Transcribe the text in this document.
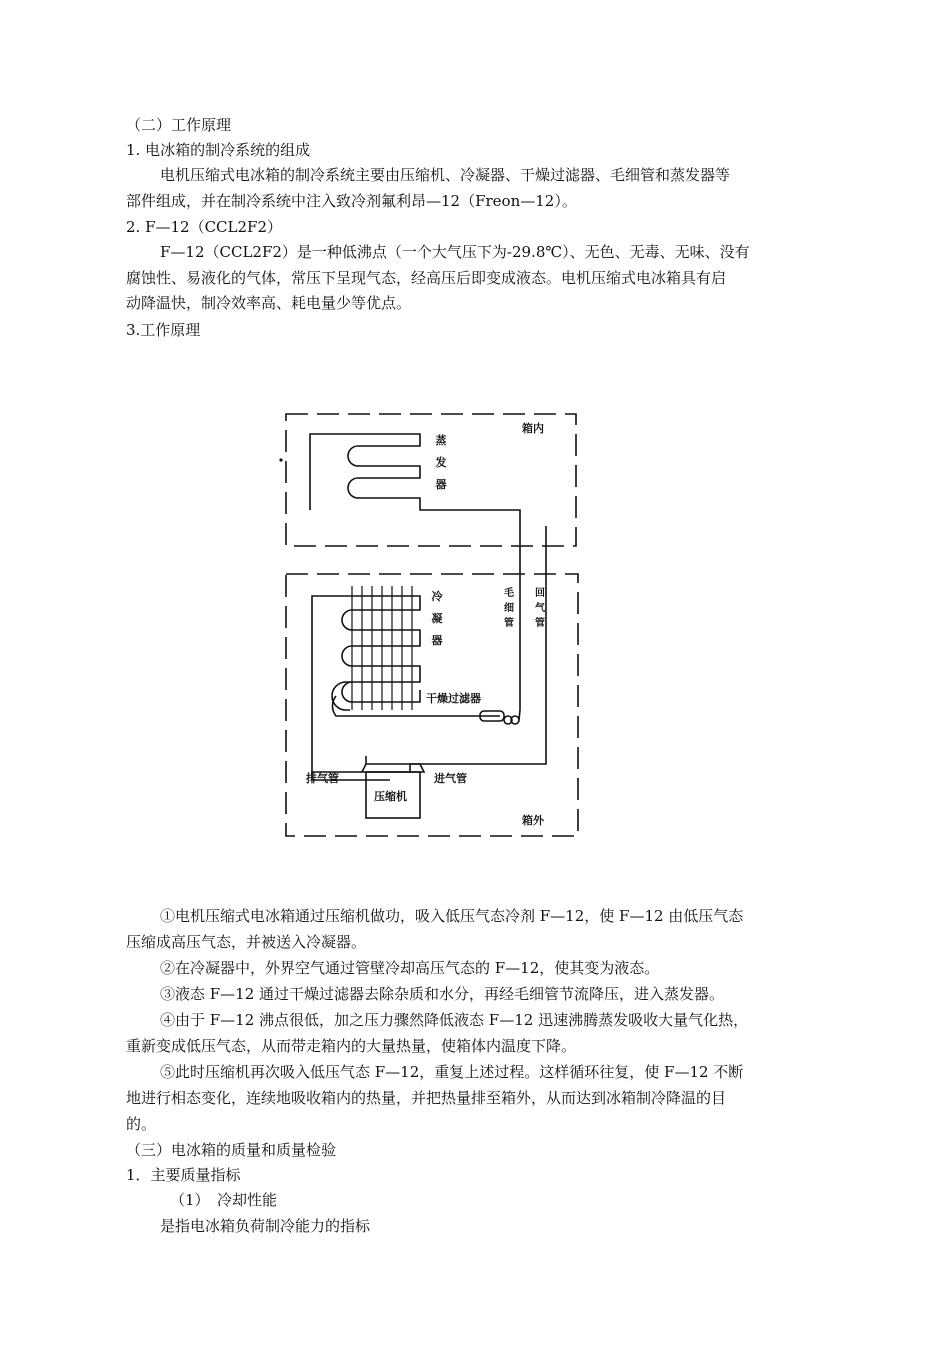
（二）工作原理
1. 电冰箱的制冷系统的组成
电机压缩式电冰箱的制冷系统主要由压缩机、冷凝器、干燥过滤器、毛细管和蒸发器等
部件组成，并在制冷系统中注入致冷剂氟利昂—12（Freon—12）。
2. F—12（CCL2F2）
F—12（CCL2F2）是一种低沸点（一个大气压下为-29.8℃）、无色、无毒、无味、没有
腐蚀性、易液化的气体，常压下呈现气态，经高压后即变成液态。电机压缩式电冰箱具有启
动降温快，制冷效率高、耗电量少等优点。
3.工作原理
箱内
蒸发器
冷凝器
毛细管
回气管
干燥过滤器
排气管	进气管
压缩机
箱外
①电机压缩式电冰箱通过压缩机做功，吸入低压气态冷剂 F—12，使 F—12 由低压气态
压缩成高压气态，并被送入冷凝器。
②在冷凝器中，外界空气通过管壁冷却高压气态的 F—12，使其变为液态。
③液态 F—12 通过干燥过滤器去除杂质和水分，再经毛细管节流降压，进入蒸发器。
④由于 F—12 沸点很低，加之压力骤然降低液态 F—12 迅速沸腾蒸发吸收大量气化热，
重新变成低压气态，从而带走箱内的大量热量，使箱体内温度下降。
⑤此时压缩机再次吸入低压气态 F—12，重复上述过程。这样循环往复，使 F—12 不断
地进行相态变化，连续地吸收箱内的热量，并把热量排至箱外，从而达到冰箱制冷降温的目
的。
（三）电冰箱的质量和质量检验
1．主要质量指标
（1）　冷却性能
是指电冰箱负荷制冷能力的指标
